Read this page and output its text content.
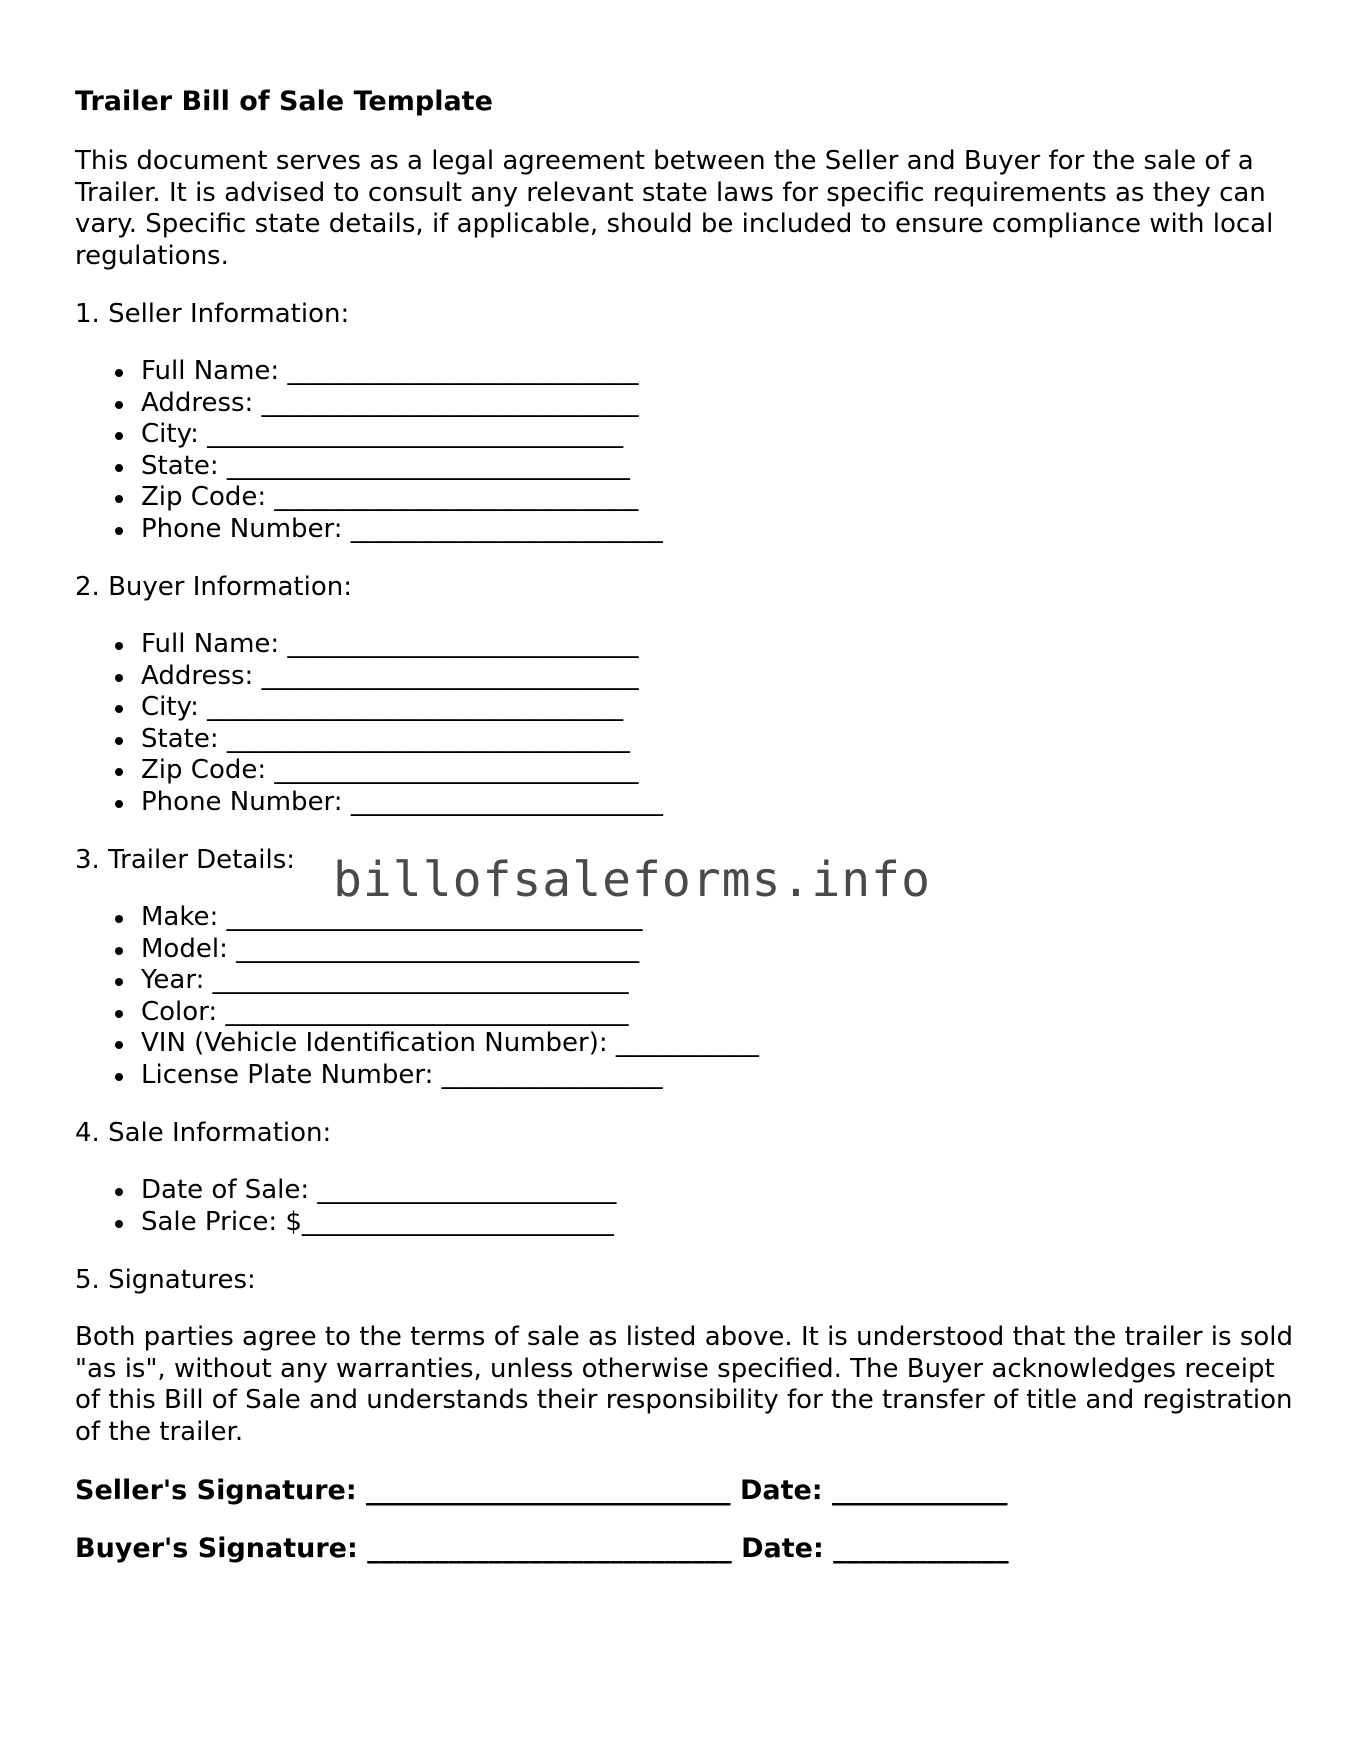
Trailer Bill of Sale Template
This document serves as a legal agreement between the Seller and Buyer for the sale of a Trailer. It is advised to consult any relevant state laws for specific requirements as they can vary. Specific state details, if applicable, should be included to ensure compliance with local regulations.
1. Seller Information:
Full Name: ___________________________
Address: _____________________________
City: ________________________________
State: _______________________________
Zip Code: ____________________________
Phone Number: ________________________
2. Buyer Information:
Full Name: ___________________________
Address: _____________________________
City: ________________________________
State: _______________________________
Zip Code: ____________________________
Phone Number: ________________________
3. Trailer Details:
Make: ________________________________
Model: _______________________________
Year: ________________________________
Color: _______________________________
VIN (Vehicle Identification Number): ___________
License Plate Number: _________________
4. Sale Information:
Date of Sale: _______________________
Sale Price: $________________________
5. Signatures:
Both parties agree to the terms of sale as listed above. It is understood that the trailer is sold "as is", without any warranties, unless otherwise specified. The Buyer acknowledges receipt of this Bill of Sale and understands their responsibility for the transfer of title and registration of the trailer.
Seller's Signature: ___________________________ Date: _____________
Buyer's Signature: ___________________________ Date: _____________
billofsaleforms.info
